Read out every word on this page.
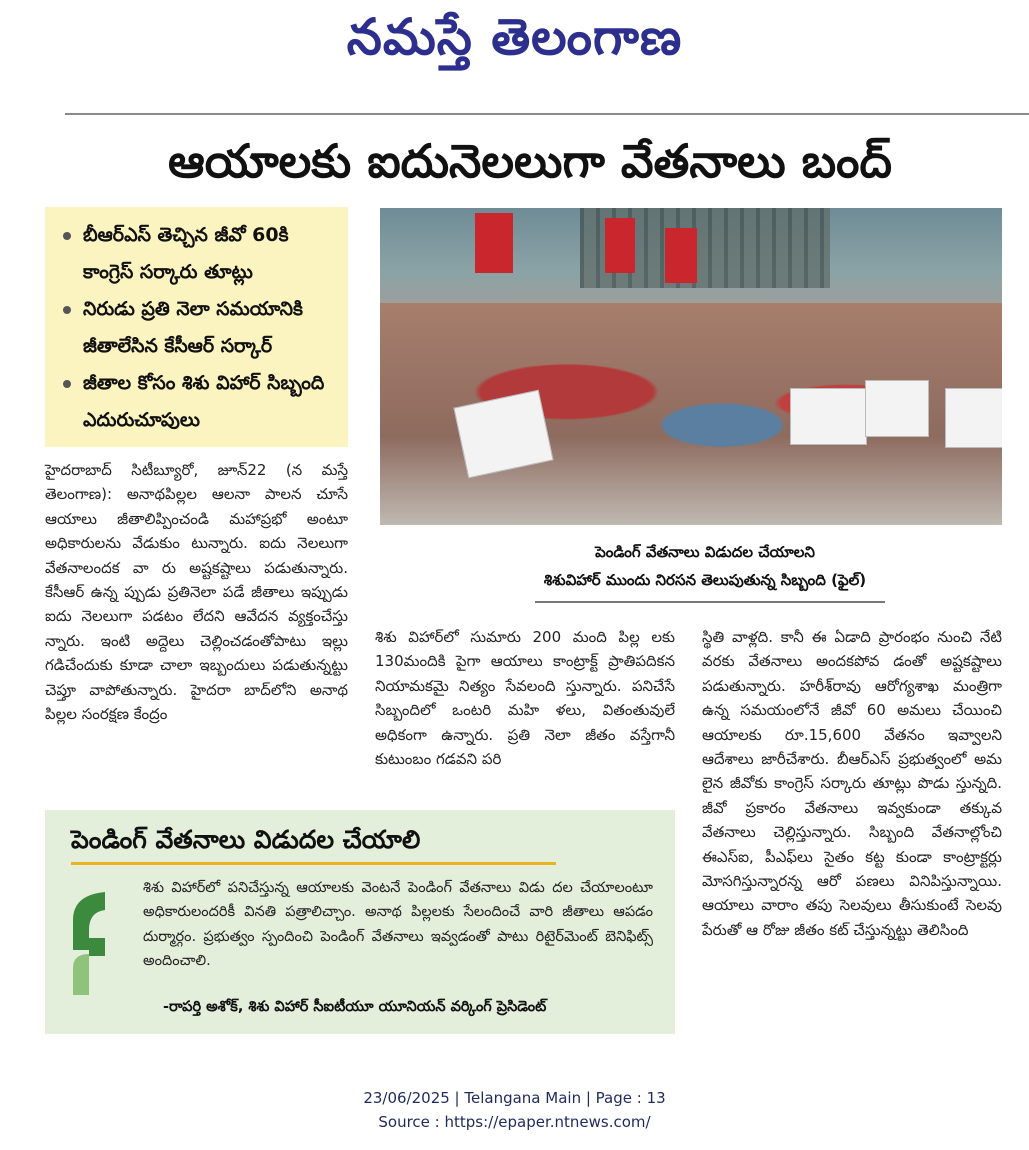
నమస్తే తెలంగాణ
ఆయాలకు ఐదునెలలుగా వేతనాలు బంద్
బీఆర్‌ఎస్ తెచ్చిన జీవో 60కి కాంగ్రెస్ సర్కారు తూట్లు
నిరుడు ప్రతి నెలా సమయానికి జీతాలేసిన కేసీఆర్ సర్కార్
జీతాల కోసం శిశు విహార్ సిబ్బంది ఎదురుచూపులు
పెండింగ్ వేతనాలు విడుదల చేయాలని
శిశువిహార్ ముందు నిరసన తెలుపుతున్న సిబ్బంది (ఫైల్)

హైదరాబాద్ సిటీబ్యూరో, జూన్22 (న మస్తే తెలంగాణ): అనాథపిల్లల ఆలనా పాలన చూసే ఆయాలు జీతాలిప్పించండి మహాప్రభో అంటూ అధికారులను వేడుకుం టున్నారు. ఐదు నెలలుగా వేతనాలందక వా రు అష్టకష్టాలు పడుతున్నారు. కేసీఆర్ ఉన్న ప్పుడు ప్రతినెలా పడే జీతాలు ఇప్పుడు ఐదు నెలలుగా పడటం లేదని ఆవేదన వ్యక్తంచేస్తు న్నారు. ఇంటి అద్దెలు చెల్లించడంతోపాటు ఇల్లు గడిచేందుకు కూడా చాలా ఇబ్బందులు పడుతున్నట్టు చెప్తూ వాపోతున్నారు. హైదరా బాద్‌లోని అనాథ పిల్లల సంరక్షణ కేంద్రం

శిశు విహార్‌లో సుమారు 200 మంది పిల్ల లకు 130మందికి పైగా ఆయాలు కాంట్రాక్ట్ ప్రాతిపదికన నియామకమై నిత్యం సేవలంది స్తున్నారు. పనిచేసే సిబ్బందిలో ఒంటరి మహి ళలు, వితంతువులే అధికంగా ఉన్నారు. ప్రతి నెలా జీతం వస్తేగానీ కుటుంబం గడవని పరి

స్థితి వాళ్లది. కానీ ఈ ఏడాది ప్రారంభం నుంచి నేటి వరకు వేతనాలు అందకపోవ డంతో అష్టకష్టాలు పడుతున్నారు. హరీశ్‌రావు ఆరోగ్యశాఖ మంత్రిగా ఉన్న సమయంలోనే జీవో 60 అమలు చేయించి ఆయాలకు రూ.15,600 వేతనం ఇవ్వాలని ఆదేశాలు జారీచేశారు. బీఆర్‌ఎస్ ప్రభుత్వంలో అమ లైన జీవోకు కాంగ్రెస్ సర్కారు తూట్లు పొడు స్తున్నది. జీవో ప్రకారం వేతనాలు ఇవ్వకుండా తక్కువ వేతనాలు చెల్లిస్తున్నారు. సిబ్బంది వేతనాల్లోంచి ఈఎస్ఐ, పీఎఫ్‌లు సైతం కట్ట కుండా కాంట్రాక్టర్లు మోసగిస్తున్నారన్న ఆరో పణలు వినిపిస్తున్నాయి. ఆయాలు వారాం తపు సెలవులు తీసుకుంటే సెలవు పేరుతో ఆ రోజు జీతం కట్ చేస్తున్నట్టు తెలిసింది

పెండింగ్ వేతనాలు విడుదల చేయాలి
శిశు విహార్‌లో పనిచేస్తున్న ఆయాలకు వెంటనే పెండింగ్ వేతనాలు విడు దల చేయాలంటూ అధికారులందరికీ వినతి పత్రాలిచ్చాం. అనాథ పిల్లలకు సేలందించే వారి జీతాలు ఆపడం దుర్మార్గం. ప్రభుత్వం స్పందించి పెండింగ్ వేతనాలు ఇవ్వడంతో పాటు రిటైర్‌మెంట్ బెనిఫిట్స్ అందించాలి.
-రాపర్తి అశోక్, శిశు విహార్ సీఐటీయూ యూనియన్ వర్కింగ్ ప్రెసిడెంట్
23/06/2025 | Telangana Main | Page : 13
Source : https://epaper.ntnews.com/
